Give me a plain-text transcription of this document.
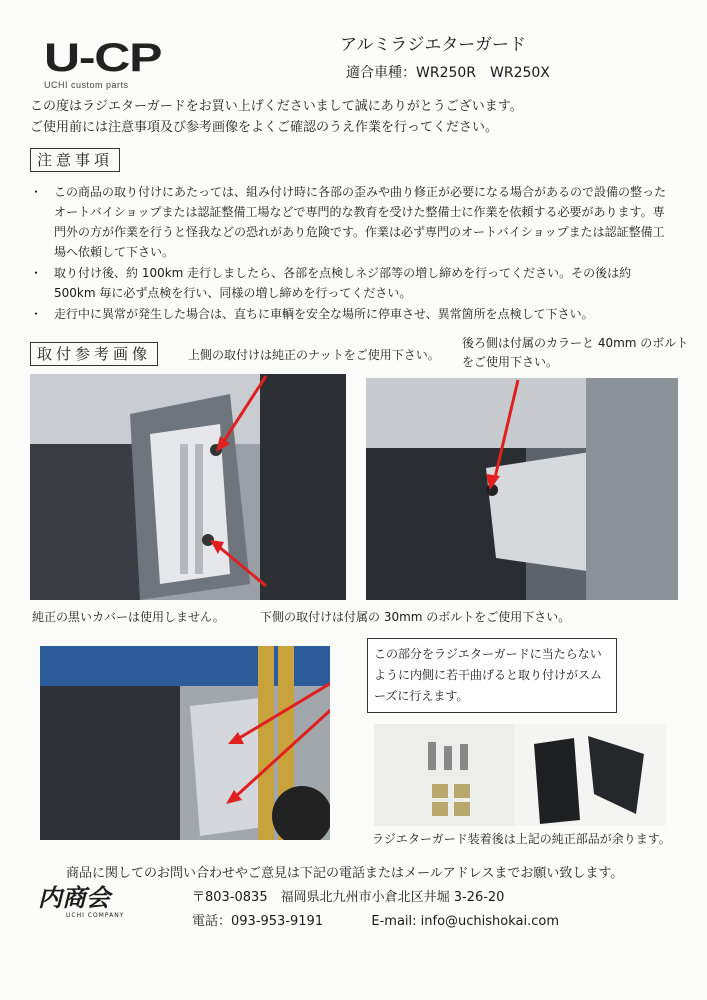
U-CP
UCHI custom parts
アルミラジエターガード
適合車種：WR250R　WR250X
この度はラジエターガードをお買い上げくださいまして誠にありがとうございます。
ご使用前には注意事項及び参考画像をよくご確認のうえ作業を行ってください。
注意事項
・ この商品の取り付けにあたっては、組み付け時に各部の歪みや曲り修正が必要になる場合があるので設備の整ったオートバイショップまたは認証整備工場などで専門的な教育を受けた整備士に作業を依頼する必要があります。専門外の方が作業を行うと怪我などの恐れがあり危険です。作業は必ず専門のオートバイショップまたは認証整備工場へ依頼して下さい。
・ 取り付け後、約 100km 走行しましたら、各部を点検しネジ部等の増し締めを行ってください。その後は約 500km 毎に必ず点検を行い、同様の増し締めを行ってください。
・ 走行中に異常が発生した場合は、直ちに車輌を安全な場所に停車させ、異常箇所を点検して下さい。
取付参考画像	上側の取付けは純正のナットをご使用下さい。
後ろ側は付属のカラーと 40mm のボルトをご使用下さい。
純正の黒いカバーは使用しません。	下側の取付けは付属の 30mm のボルトをご使用下さい。
この部分をラジエターガードに当たらないように内側に若干曲げると取り付けがスムーズに行えます。
ラジエターガード装着後は上記の純正部品が余ります。
商品に関してのお問い合わせやご意見は下記の電話またはメールアドレスまでお願い致します。
内商会
UCHI COMPANY
〒803-0835　福岡県北九州市小倉北区井堀 3-26-20
電話：093-953-9191	E-mail: info@uchishokai.com
